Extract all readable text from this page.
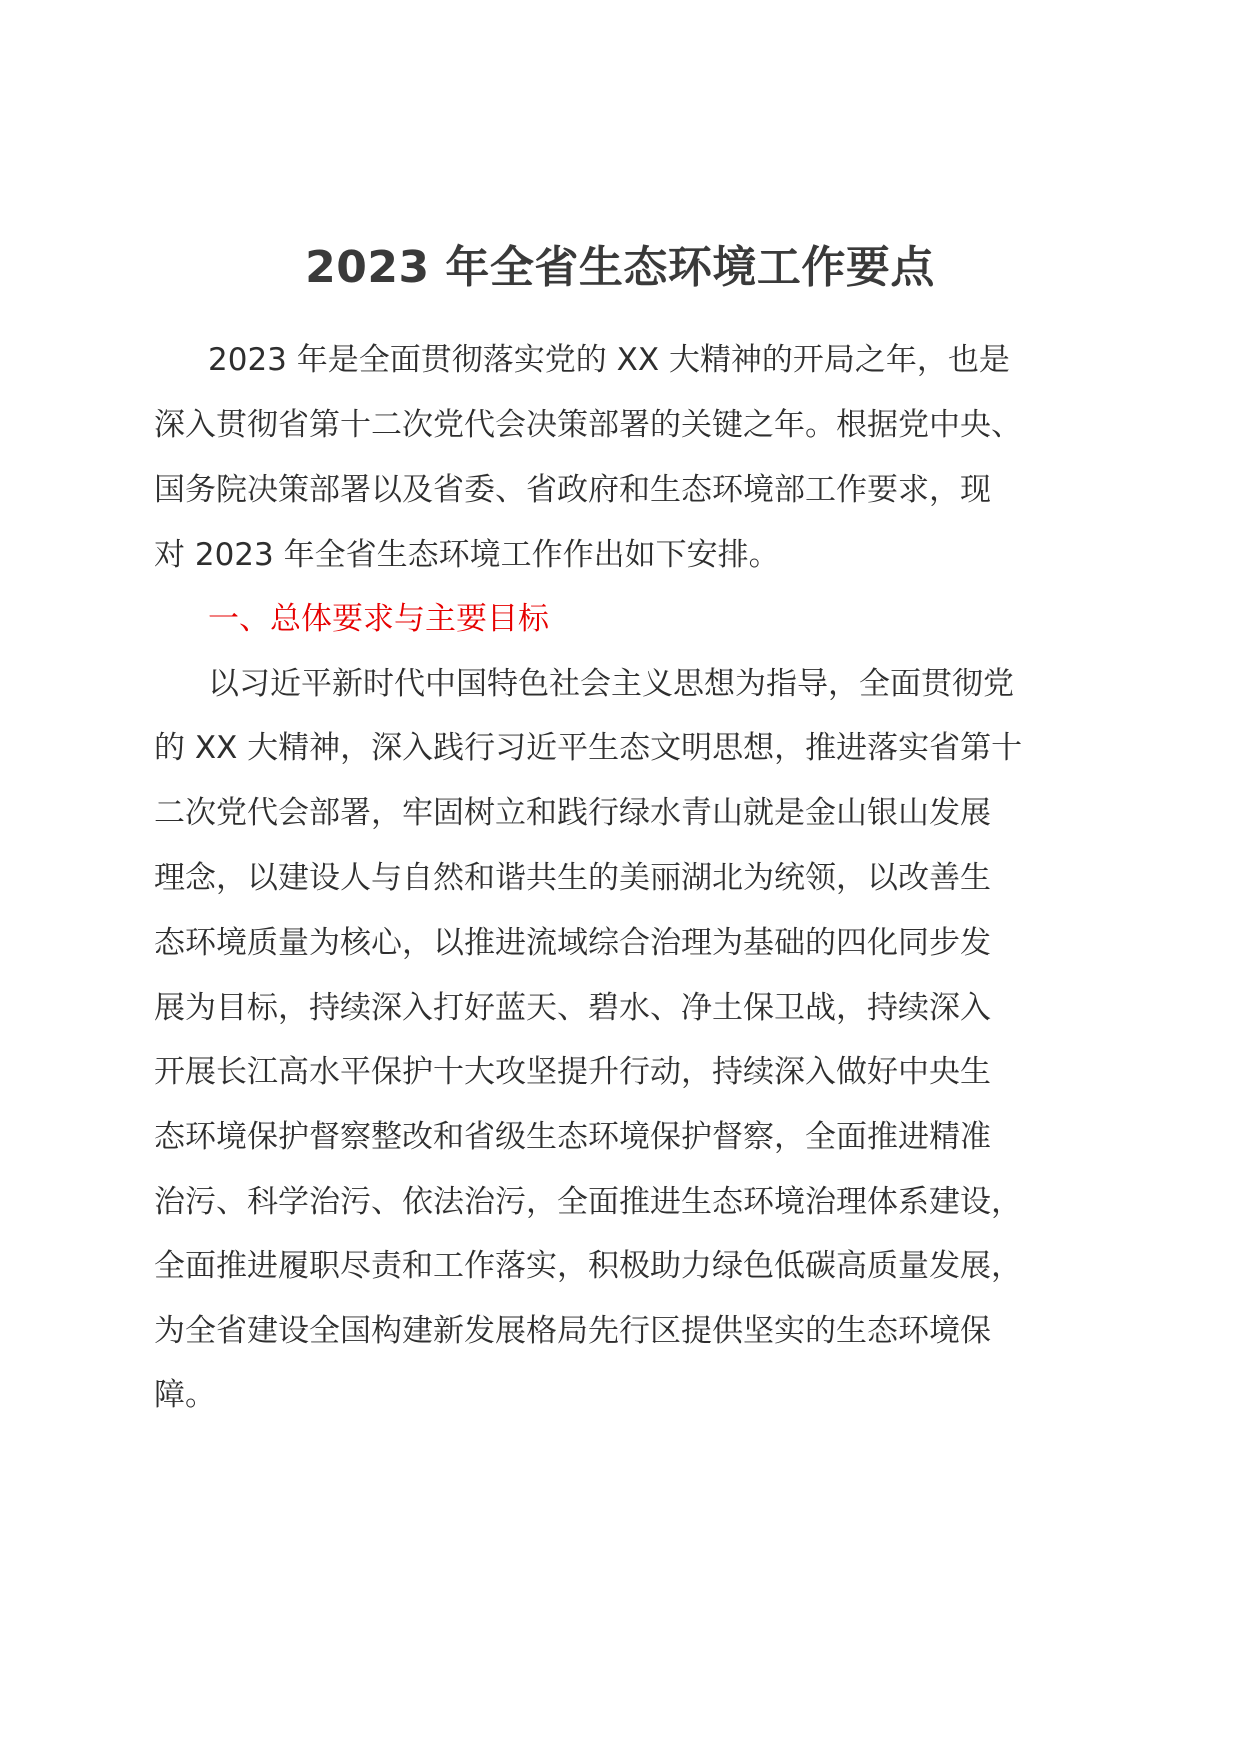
2023 年全省生态环境工作要点
2023 年是全面贯彻落实党的 XX 大精神的开局之年，也是
深入贯彻省第十二次党代会决策部署的关键之年。根据党中央、
国务院决策部署以及省委、省政府和生态环境部工作要求，现
对 2023 年全省生态环境工作作出如下安排。
一、总体要求与主要目标
以习近平新时代中国特色社会主义思想为指导，全面贯彻党
的 XX 大精神，深入践行习近平生态文明思想，推进落实省第十
二次党代会部署，牢固树立和践行绿水青山就是金山银山发展
理念，以建设人与自然和谐共生的美丽湖北为统领，以改善生
态环境质量为核心，以推进流域综合治理为基础的四化同步发
展为目标，持续深入打好蓝天、碧水、净土保卫战，持续深入
开展长江高水平保护十大攻坚提升行动，持续深入做好中央生
态环境保护督察整改和省级生态环境保护督察，全面推进精准
治污、科学治污、依法治污，全面推进生态环境治理体系建设，
全面推进履职尽责和工作落实，积极助力绿色低碳高质量发展，
为全省建设全国构建新发展格局先行区提供坚实的生态环境保
障。
